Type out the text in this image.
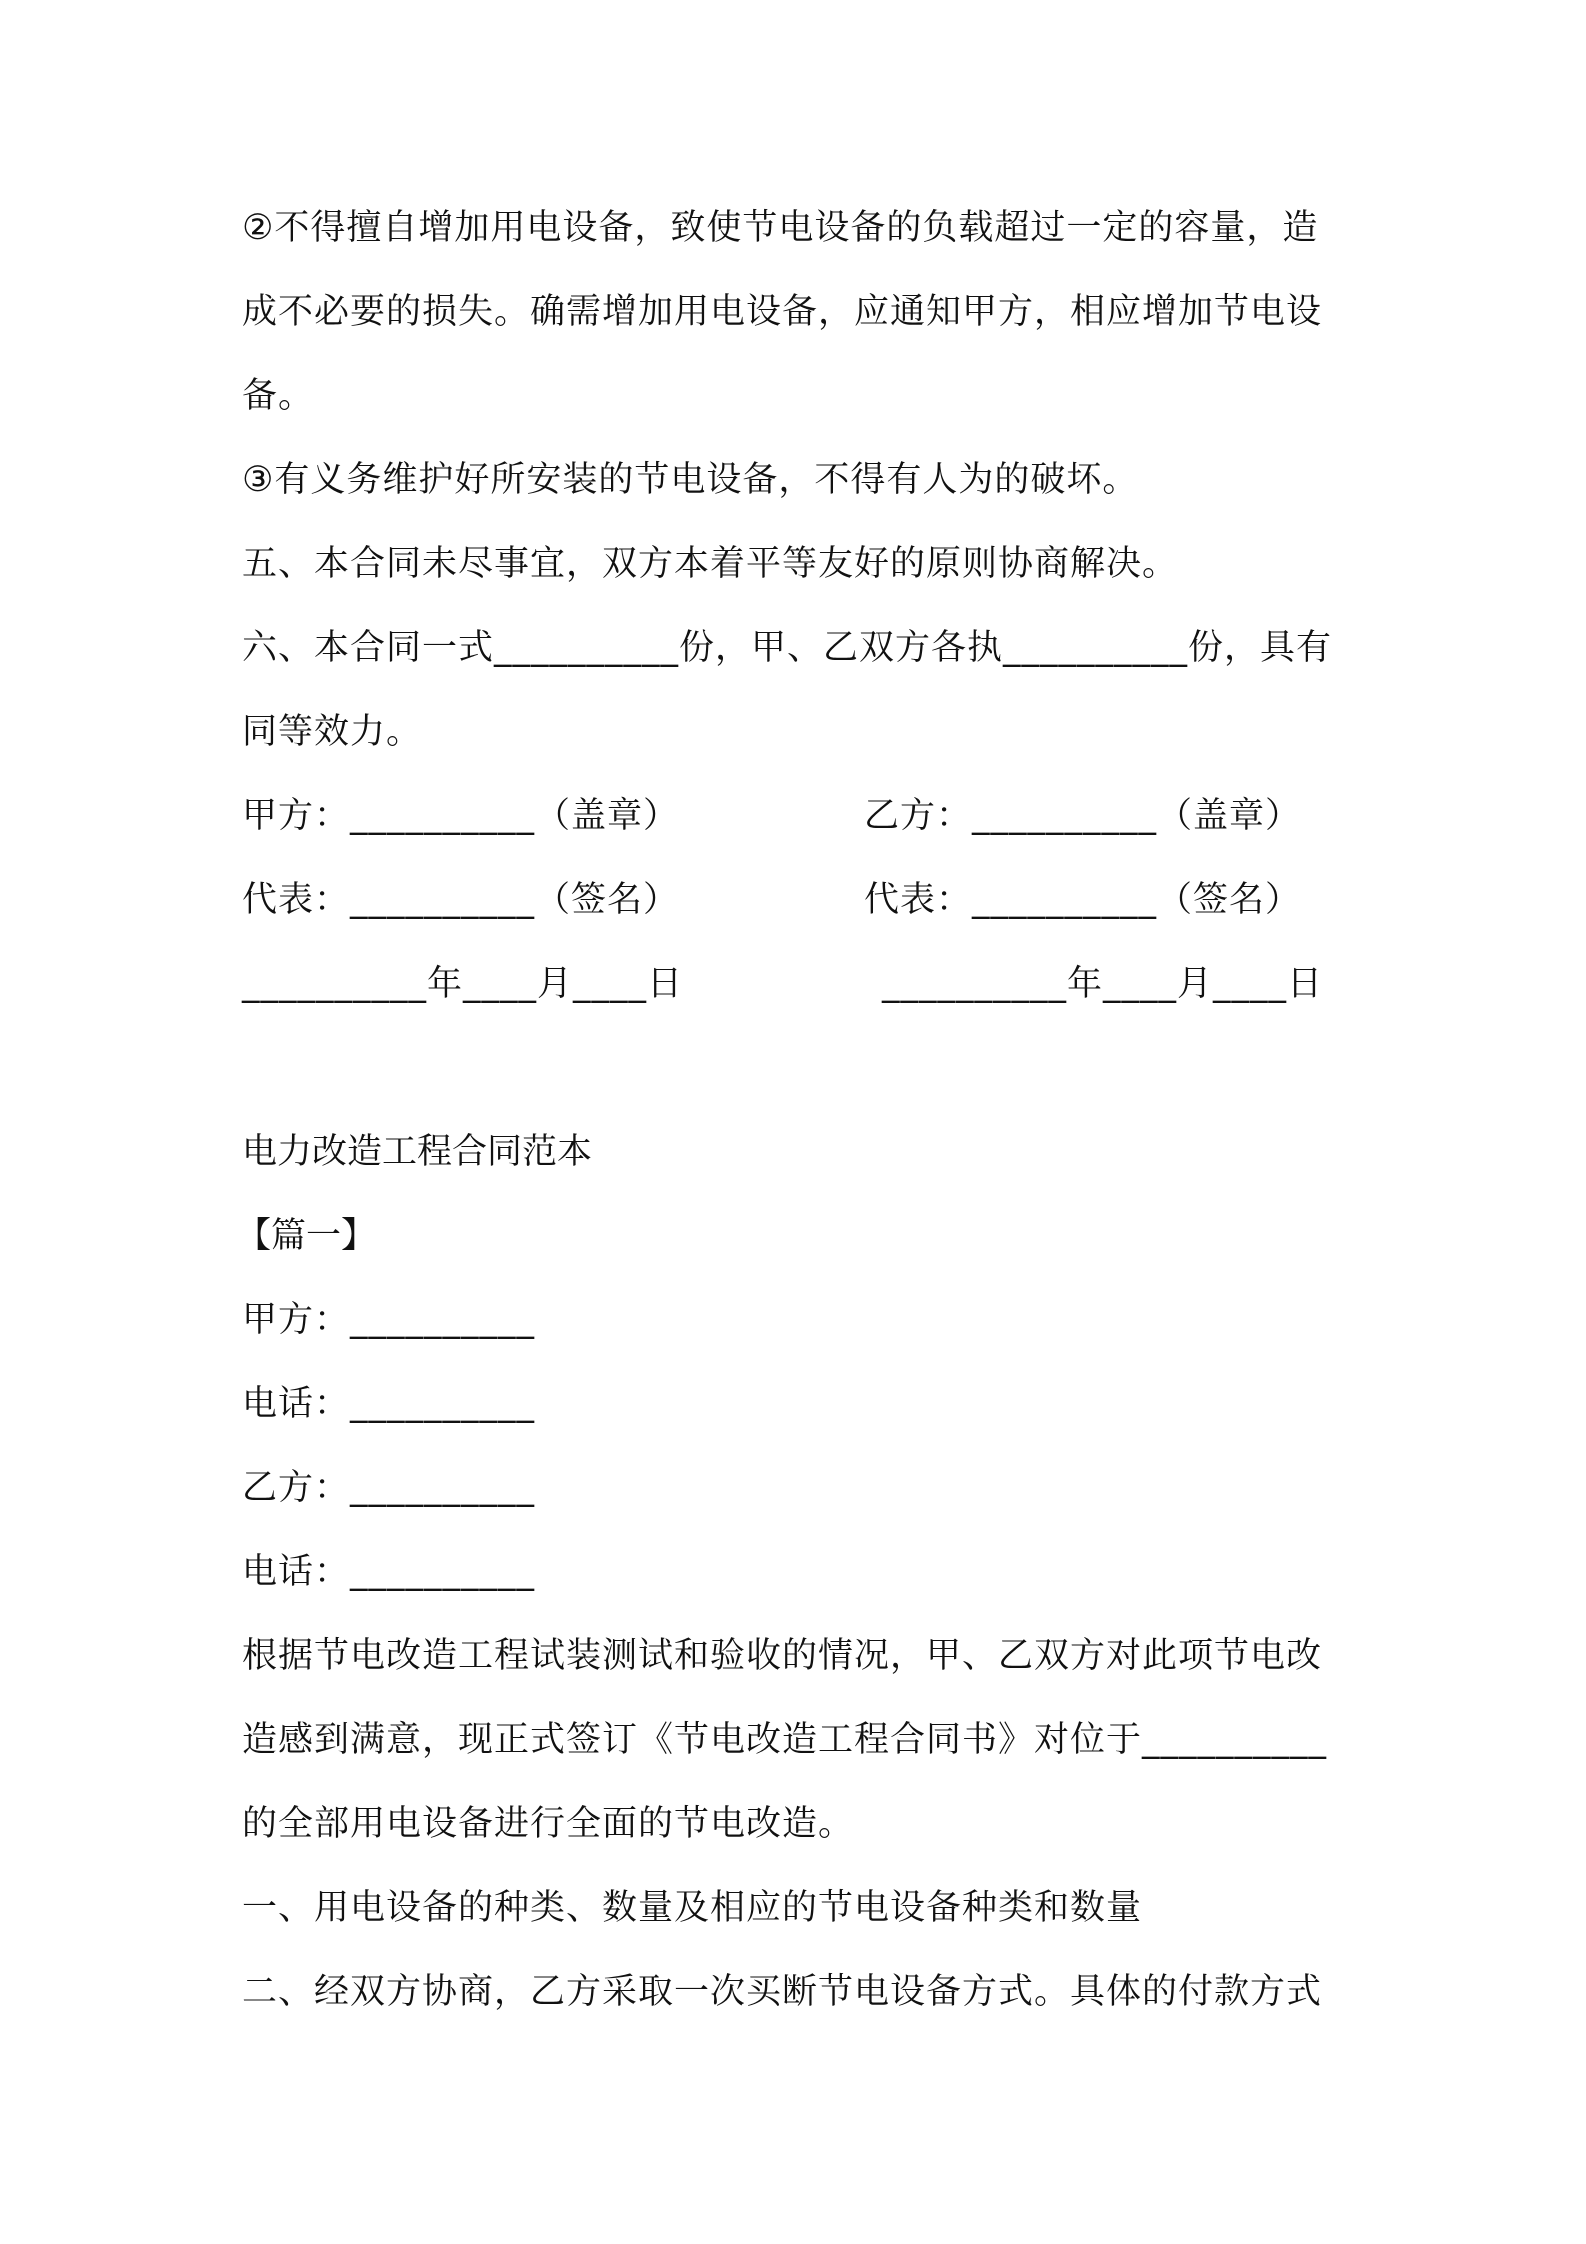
②不得擅自增加用电设备，致使节电设备的负载超过一定的容量，造
成不必要的损失。确需增加用电设备，应通知甲方，相应增加节电设
备。
③有义务维护好所安装的节电设备，不得有人为的破坏。
五、本合同未尽事宜，双方本着平等友好的原则协商解决。
六、本合同一式__________份，甲、乙双方各执__________份，具有
同等效力。
甲方：__________（盖章）	乙方：__________（盖章）
代表：__________（签名）	代表：__________（签名）
__________年____月____日	__________年____月____日
电力改造工程合同范本
【篇一】
甲方：__________
电话：__________
乙方：__________
电话：__________
根据节电改造工程试装测试和验收的情况，甲、乙双方对此项节电改
造感到满意，现正式签订《节电改造工程合同书》对位于__________
的全部用电设备进行全面的节电改造。
一、用电设备的种类、数量及相应的节电设备种类和数量
二、经双方协商，乙方采取一次买断节电设备方式。具体的付款方式
